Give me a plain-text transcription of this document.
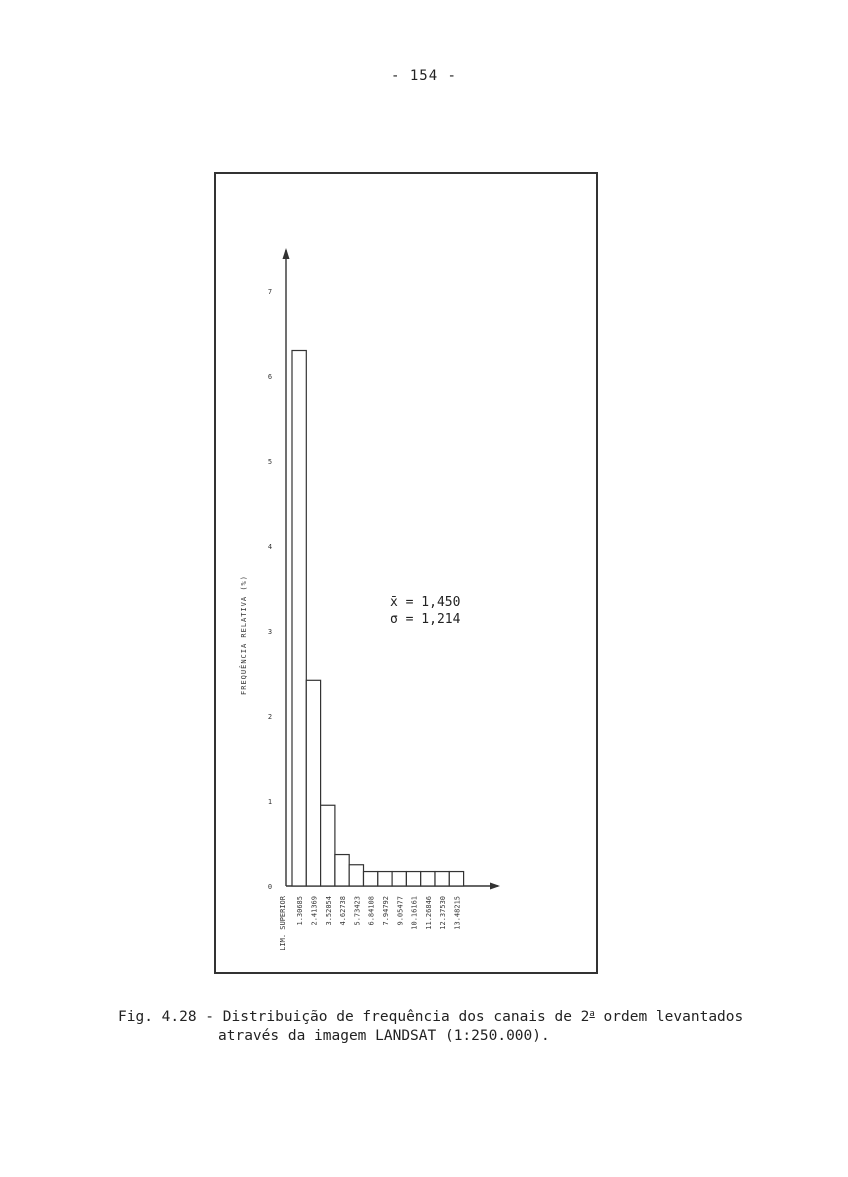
- 154 -
0
1
2
3
4
5
6
7
LIM. SUPERIOR 1.30685 2.41369 3.52054 4.62738 5.73423 6.84108 7.94792 9.05477 10.16161 11.26846 12.37530 13.48215
FREQUÊNCIA RELATIVA (%)	x̄ = 1,450
σ = 1,214
Fig. 4.28 - Distribuição de frequência dos canais de 2$^a$ ordem levantados
através da imagem LANDSAT (1:250.000).
